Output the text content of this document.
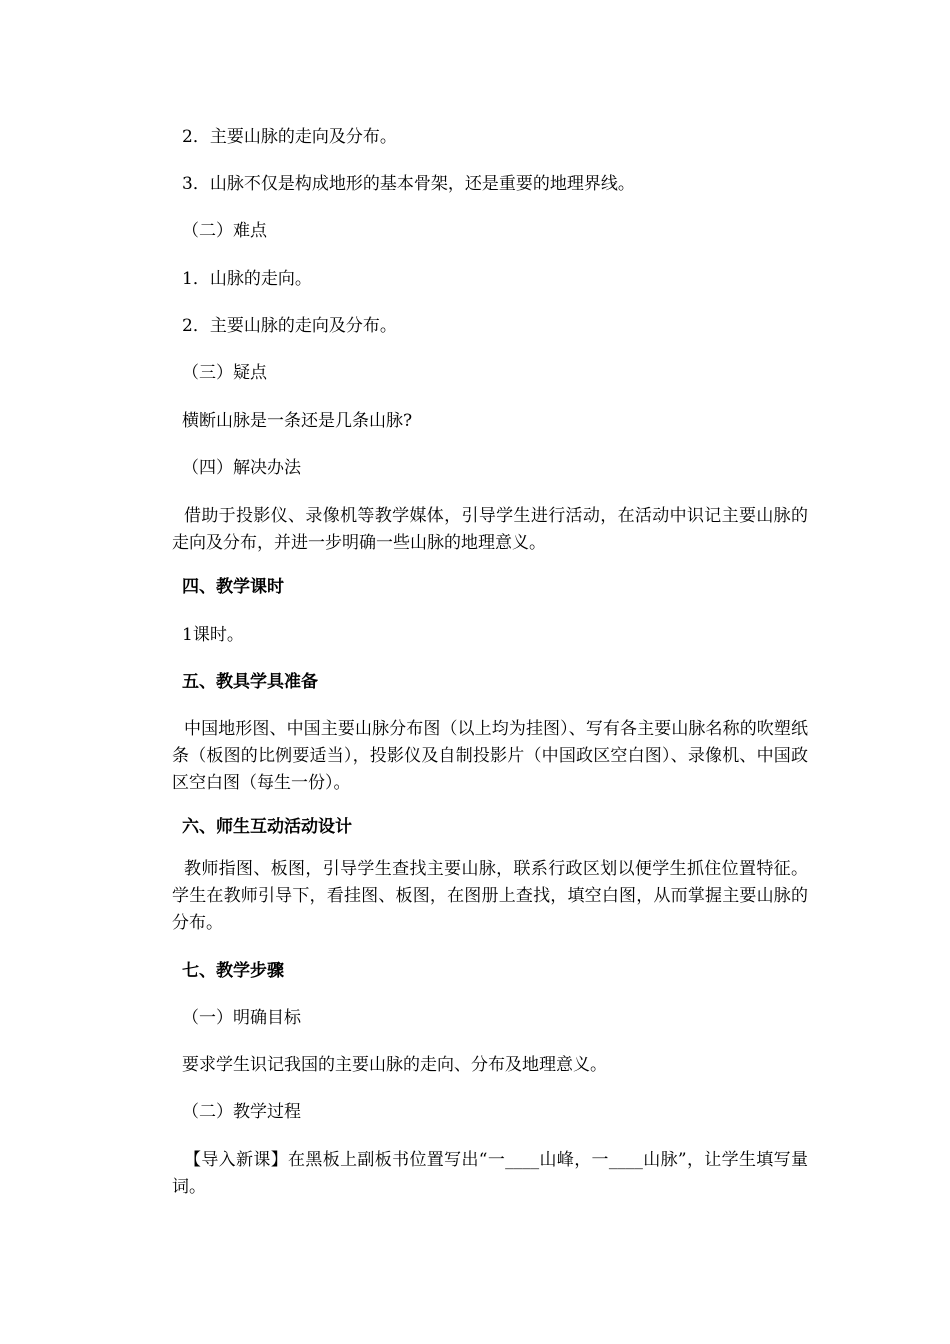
2．主要山脉的走向及分布。
3．山脉不仅是构成地形的基本骨架，还是重要的地理界线。
（二）难点
1．山脉的走向。
2．主要山脉的走向及分布。
（三）疑点
横断山脉是一条还是几条山脉?
（四）解决办法
借助于投影仪、录像机等教学媒体，引导学生进行活动，在活动中识记主要山脉的走向及分布，并进一步明确一些山脉的地理意义。
四、教学课时
1课时。
五、教具学具准备
中国地形图、中国主要山脉分布图（以上均为挂图）、写有各主要山脉名称的吹塑纸条（板图的比例要适当），投影仪及自制投影片（中国政区空白图）、录像机、中国政区空白图（每生一份）。
六、师生互动活动设计
教师指图、板图，引导学生查找主要山脉，联系行政区划以便学生抓住位置特征。学生在教师引导下，看挂图、板图，在图册上查找，填空白图，从而掌握主要山脉的分布。
七、教学步骤
（一）明确目标
要求学生识记我国的主要山脉的走向、分布及地理意义。
（二）教学过程
【导入新课】在黑板上副板书位置写出“一____山峰，一____山脉”，让学生填写量词。
